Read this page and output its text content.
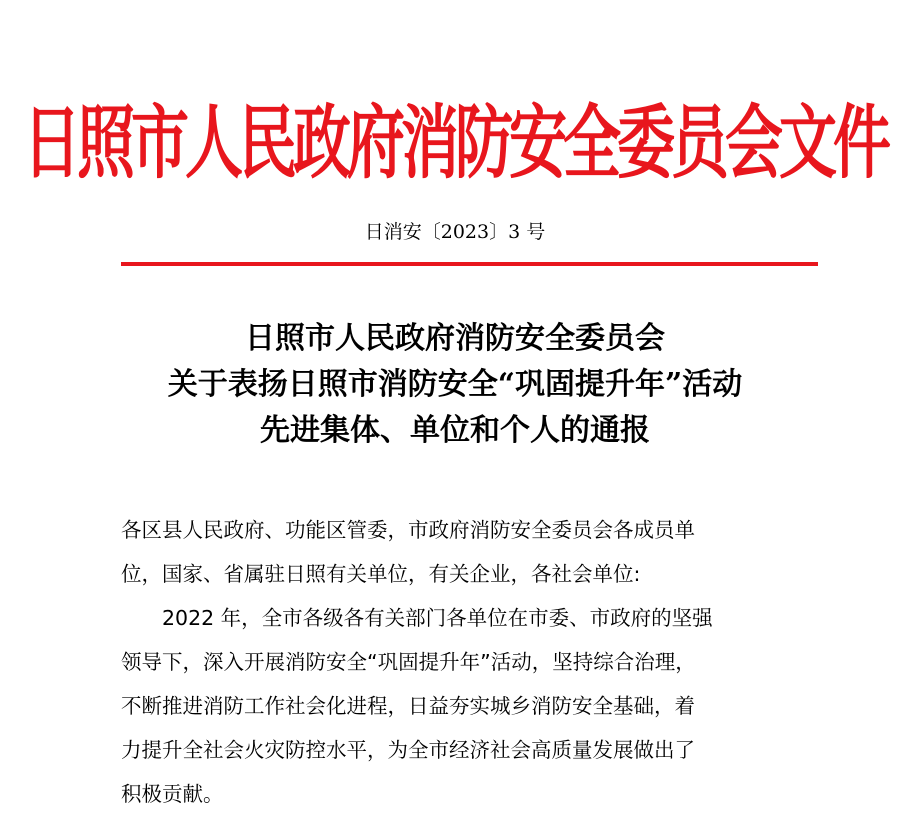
日照市人民政府消防安全委员会文件
日消安〔2023〕3 号
日照市人民政府消防安全委员会
关于表扬日照市消防安全“巩固提升年”活动
先进集体、单位和个人的通报
各区县人民政府、功能区管委，市政府消防安全委员会各成员单
位，国家、省属驻日照有关单位，有关企业，各社会单位:
2022 年，全市各级各有关部门各单位在市委、市政府的坚强
领导下，深入开展消防安全“巩固提升年”活动，坚持综合治理，
不断推进消防工作社会化进程，日益夯实城乡消防安全基础，着
力提升全社会火灾防控水平，为全市经济社会高质量发展做出了
积极贡献。
